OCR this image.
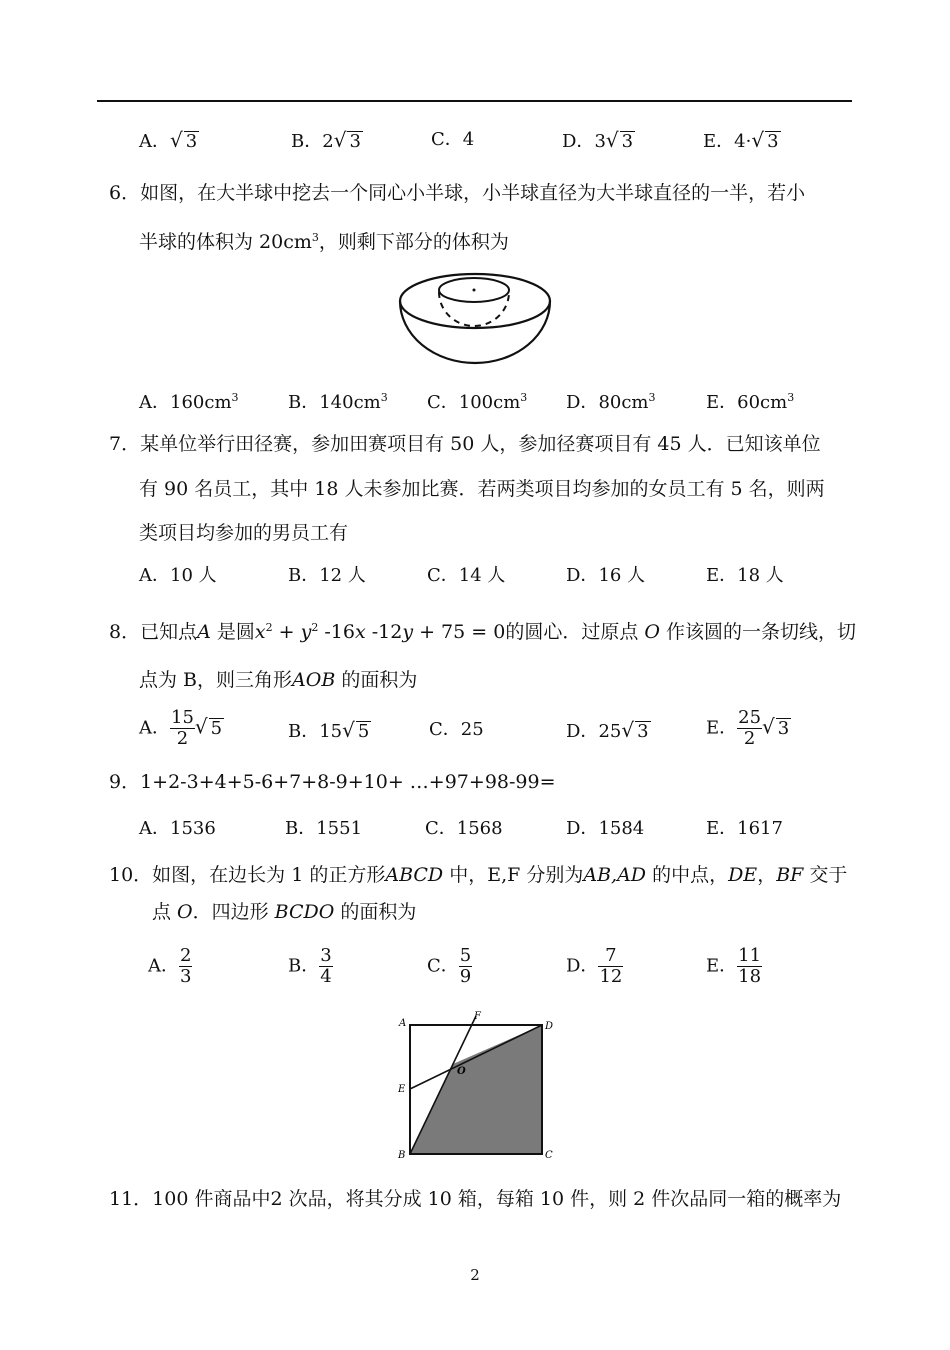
A．√ 3	B．2√ 3	C．4	D．3√ 3	E．4·√ 3
6．如图，在大半球中挖去一个同心小半球，小半球直径为大半球直径的一半，若小
半球的体积为 $20cm^3$，则剩下部分的体积为
A．$160cm^3$	B．$140cm^3$ C．$100cm^3$ D．$80cm^3$	E．$60cm^3$
7．某单位举行田径赛，参加田赛项目有 50 人，参加径赛项目有 45 人．已知该单位
有 90 名员工，其中 18 人未参加比赛．若两类项目均参加的女员工有 5 名，则两
类项目均参加的男员工有
A．10 人	B．12 人	C．14 人	D．16 人	E．18 人
8．已知点A 是圆$x^2 + y^2$ -16x -12y + 75 = 0的圆心．过原点 O 作该圆的一条切线，切
点为 B，则三角形AOB 的面积为
A． $\frac{15}{2}$ √ 5	B．15√ 5	C．25	D．25√ 3	E． $\frac{25}{2}$ √ 3
9．1+2-3+4+5-6+7+8-9+10+ …+97+98-99=
A．1536	B．1551	C．1568	D．1584	E．1617
10．如图，在边长为 1 的正方形ABCD 中，E,F 分别为AB,AD 的中点，DE，BF 交于
点 O．四边形 BCDO 的面积为
A． $\frac{2}{3}$	B． $\frac{3}{4}$	C． $\frac{5}{9}$	D． $\frac{7}{12}$	E． $\frac{11}{18}$
A
B	C
D
E
F
O
11．100 件商品中2 次品，将其分成 10 箱，每箱 10 件，则 2 件次品同一箱的概率为
2
